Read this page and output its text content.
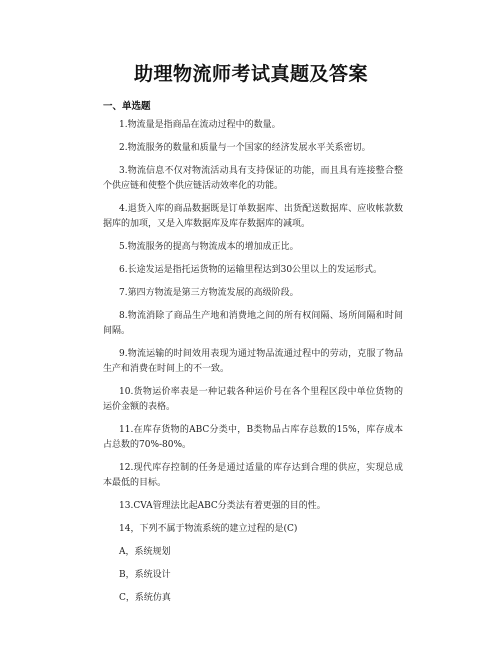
助理物流师考试真题及答案
一、单选题

1.物流量是指商品在流动过程中的数量。

2.物流服务的数量和质量与一个国家的经济发展水平关系密切。

3.物流信息不仅对物流活动具有支持保证的功能，而且具有连接整合整个供应链和使整个供应链活动效率化的功能。

4.退货入库的商品数据既是订单数据库、出货配送数据库、应收帐款数据库的加项，又是入库数据库及库存数据库的减项。

5.物流服务的提高与物流成本的增加成正比。

6.长途发运是指托运货物的运输里程达到30公里以上的发运形式。

7.第四方物流是第三方物流发展的高级阶段。

8.物流消除了商品生产地和消费地之间的所有权间隔、场所间隔和时间间隔。

9.物流运输的时间效用表现为通过物品流通过程中的劳动，克服了物品生产和消费在时间上的不一致。

10.货物运价率表是一种记载各种运价号在各个里程区段中单位货物的运价金额的表格。

11.在库存货物的ABC分类中，B类物品占库存总数的15%，库存成本占总数的70%-80%。

12.现代库存控制的任务是通过适量的库存达到合理的供应，实现总成本最低的目标。

13.CVA管理法比起ABC分类法有着更强的目的性。

14，下列不属于物流系统的建立过程的是(C)

A，系统规划

B，系统设计

C，系统仿真
